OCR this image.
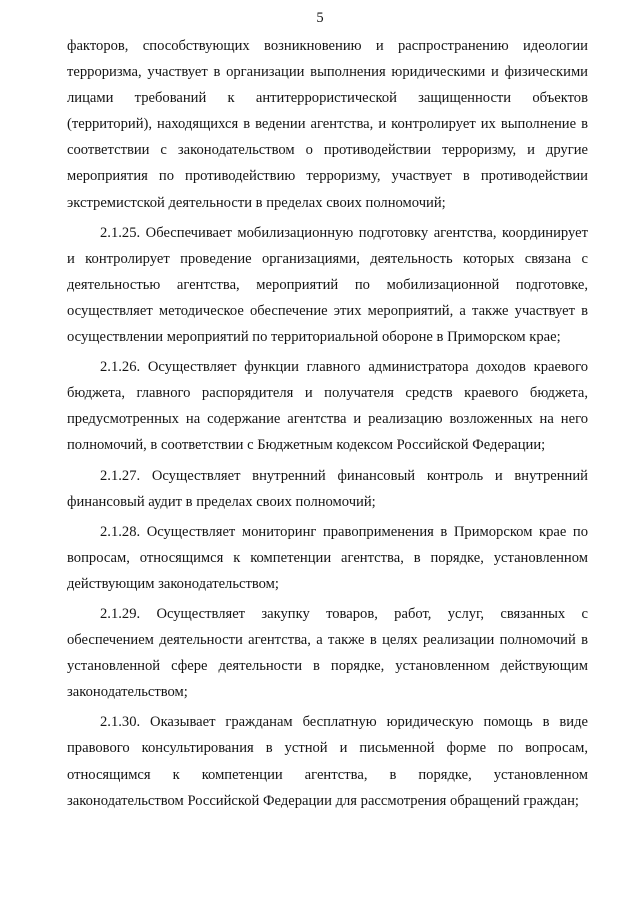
5

факторов, способствующих возникновению и распространению идеологии терроризма, участвует в организации выполнения юридическими и физическими лицами требований к антитеррористической защищенности объектов (территорий), находящихся в ведении агентства, и контролирует их выполнение в соответствии с законодательством о противодействии терроризму, и другие мероприятия по противодействию терроризму, участвует в противодействии экстремистской деятельности в пределах своих полномочий;

2.1.25. Обеспечивает мобилизационную подготовку агентства, координирует и контролирует проведение организациями, деятельность которых связана с деятельностью агентства, мероприятий по мобилизационной подготовке, осуществляет методическое обеспечение этих мероприятий, а также участвует в осуществлении мероприятий по территориальной обороне в Приморском крае;

2.1.26. Осуществляет функции главного администратора доходов краевого бюджета, главного распорядителя и получателя средств краевого бюджета, предусмотренных на содержание агентства и реализацию возложенных на него полномочий, в соответствии с Бюджетным кодексом Российской Федерации;

2.1.27. Осуществляет внутренний финансовый контроль и внутренний финансовый аудит в пределах своих полномочий;

2.1.28. Осуществляет мониторинг правоприменения в Приморском крае по вопросам, относящимся к компетенции агентства, в порядке, установленном действующим законодательством;

2.1.29. Осуществляет закупку товаров, работ, услуг, связанных с обеспечением деятельности агентства, а также в целях реализации полномочий в установленной сфере деятельности в порядке, установленном действующим законодательством;

2.1.30. Оказывает гражданам бесплатную юридическую помощь в виде правового консультирования в устной и письменной форме по вопросам, относящимся к компетенции агентства, в порядке, установленном законодательством Российской Федерации для рассмотрения обращений граждан;
